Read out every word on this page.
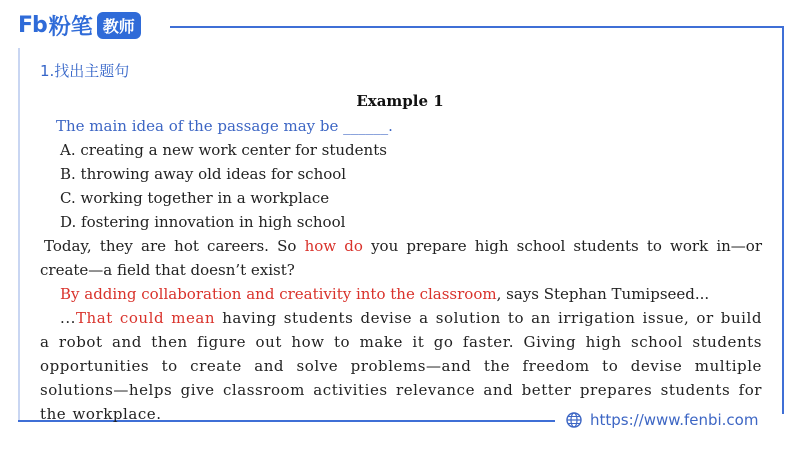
Fb 粉笔 教师
1.找出主题句
Example 1
The main idea of the passage may be ______.
A. creating a new work center for students
B. throwing away old ideas for school
C. working together in a workplace
D. fostering innovation in high school
Today, they are hot careers. So how do you prepare high school students to work in—or create—a field that doesn’t exist?
By adding collaboration and creativity into the classroom, says Stephan Tumipseed...
...That could mean having students devise a solution to an irrigation issue, or build a robot and then figure out how to make it go faster. Giving high school students opportunities to create and solve problems—and the freedom to devise multiple solutions—helps give classroom activities relevance and better prepares students for the workplace.	https://www.fenbi.com
